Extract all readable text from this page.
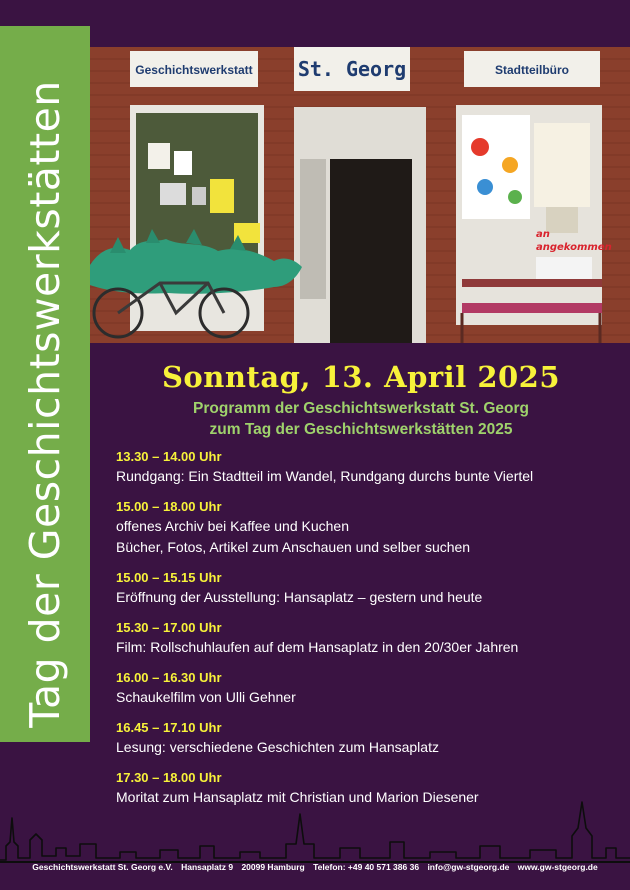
Tag der Geschichtswerkstätten	an
angekommen
Geschichtswerkstatt St. Georg	Stadtteilbüro
Sonntag, 13. April 2025
Programm der Geschichtswerkstatt St. Georg
zum Tag der Geschichtswerkstätten 2025
13.30 – 14.00 Uhr
Rundgang: Ein Stadtteil im Wandel, Rundgang durchs bunte Viertel
15.00 – 18.00 Uhr
offenes Archiv bei Kaffee und Kuchen
Bücher, Fotos, Artikel zum Anschauen und selber suchen
15.00 – 15.15 Uhr
Eröffnung der Ausstellung: Hansaplatz – gestern und heute
15.30 – 17.00 Uhr
Film: Rollschuhlaufen auf dem Hansaplatz in den 20/30er Jahren
16.00 – 16.30 Uhr
Schaukelfilm von Ulli Gehner
16.45 – 17.10 Uhr
Lesung: verschiedene Geschichten zum Hansaplatz
17.30 – 18.00 Uhr
Moritat zum Hansaplatz mit Christian und Marion Diesener
Geschichtswerkstatt St. Georg e.V. Hansaplatz 9 20099 Hamburg Telefon: +49 40 571 386 36 info@gw-stgeorg.de www.gw-stgeorg.de
